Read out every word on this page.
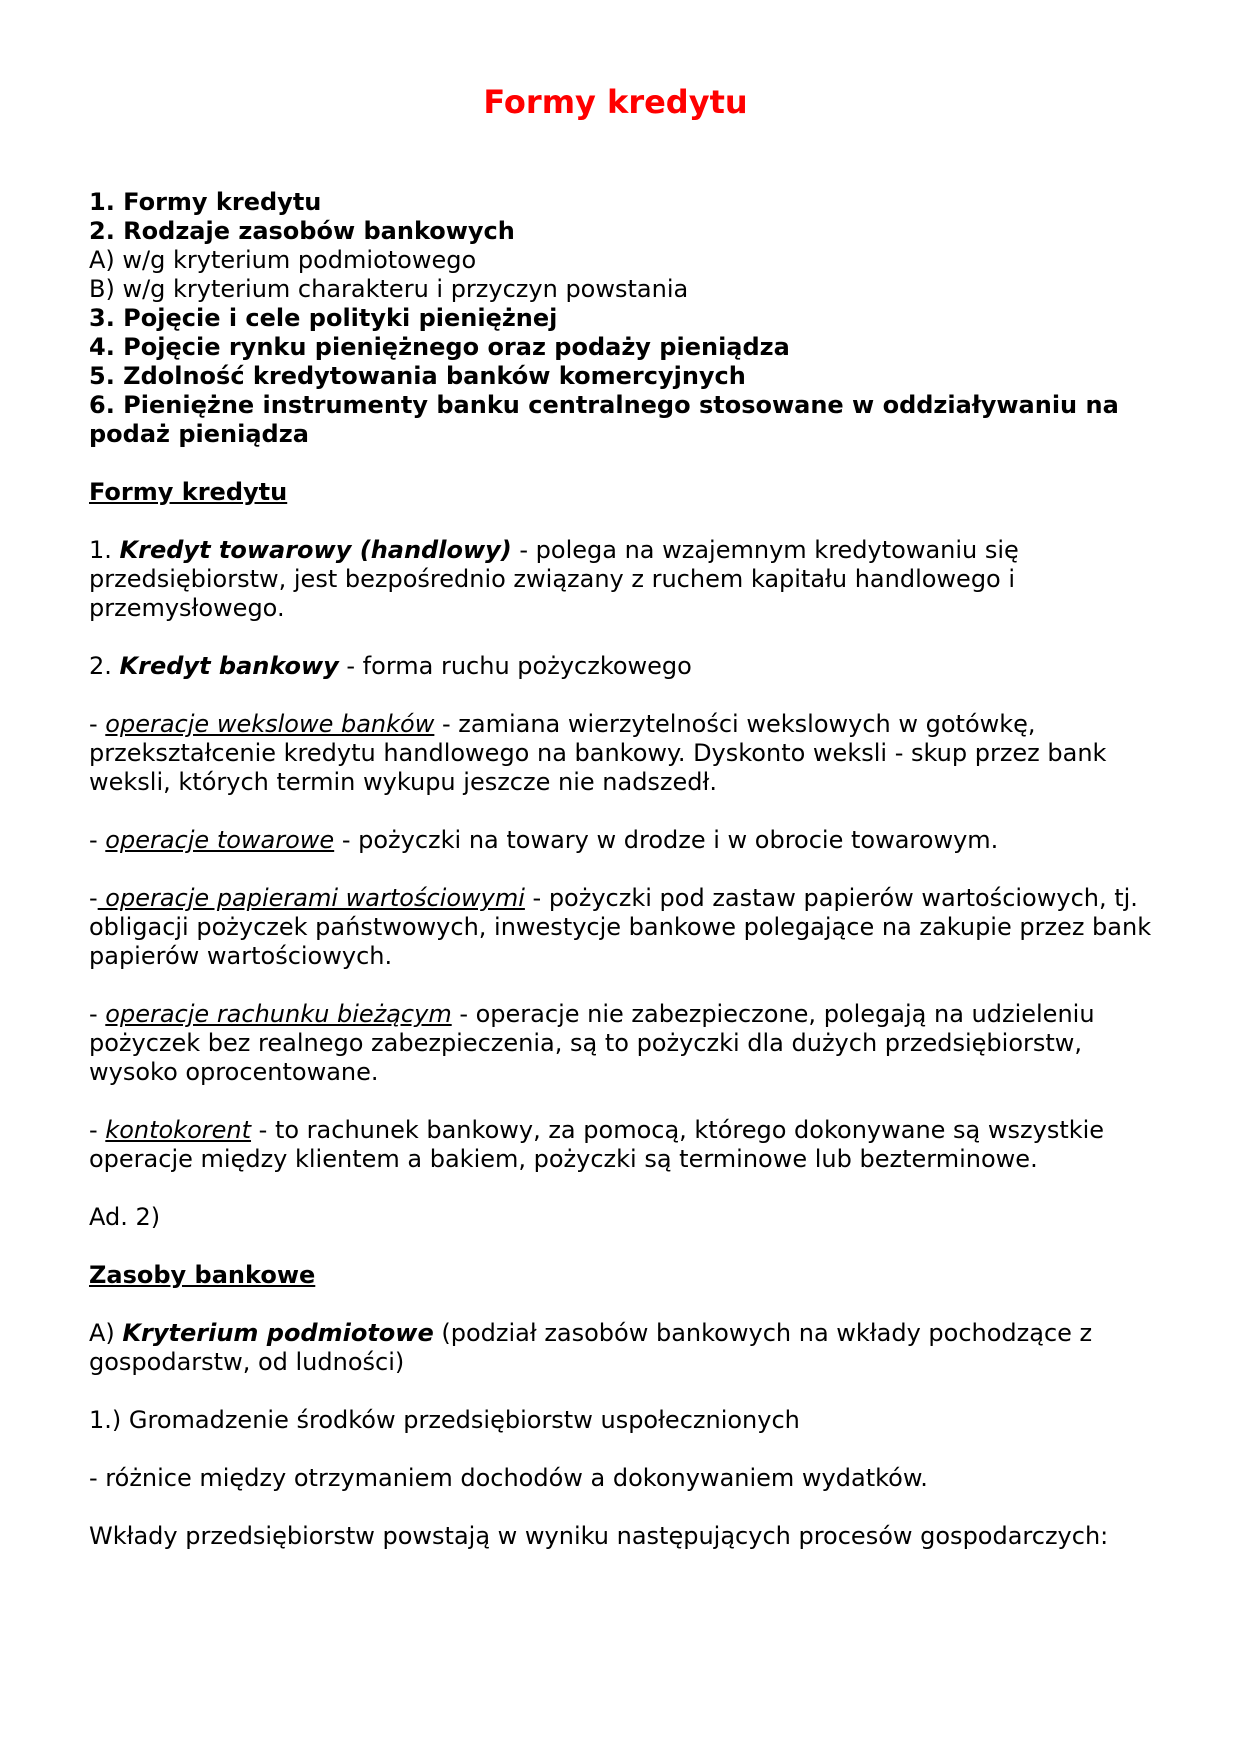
Formy kredytu
1. Formy kredytu
2. Rodzaje zasobów bankowych
A) w/g kryterium podmiotowego
B) w/g kryterium charakteru i przyczyn powstania
3. Pojęcie i cele polityki pieniężnej
4. Pojęcie rynku pieniężnego oraz podaży pieniądza
5. Zdolność kredytowania banków komercyjnych
6. Pieniężne instrumenty banku centralnego stosowane w oddziaływaniu na podaż pieniądza
Formy kredytu

1. Kredyt towarowy (handlowy) - polega na wzajemnym kredytowaniu się przedsiębiorstw, jest bezpośrednio związany z ruchem kapitału handlowego i przemysłowego.

2. Kredyt bankowy - forma ruchu pożyczkowego

- operacje wekslowe banków - zamiana wierzytelności wekslowych w gotówkę, przekształcenie kredytu handlowego na bankowy. Dyskonto weksli - skup przez bank weksli, których termin wykupu jeszcze nie nadszedł.

- operacje towarowe - pożyczki na towary w drodze i w obrocie towarowym.

- operacje papierami wartościowymi - pożyczki pod zastaw papierów wartościowych, tj. obligacji pożyczek państwowych, inwestycje bankowe polegające na zakupie przez bank papierów wartościowych.

- operacje rachunku bieżącym - operacje nie zabezpieczone, polegają na udzieleniu pożyczek bez realnego zabezpieczenia, są to pożyczki dla dużych przedsiębiorstw, wysoko oprocentowane.

- kontokorent - to rachunek bankowy, za pomocą, którego dokonywane są wszystkie operacje między klientem a bakiem, pożyczki są terminowe lub bezterminowe.

Ad. 2)

Zasoby bankowe

A) Kryterium podmiotowe (podział zasobów bankowych na wkłady pochodzące z gospodarstw, od ludności)

1.) Gromadzenie środków przedsiębiorstw uspołecznionych

- różnice między otrzymaniem dochodów a dokonywaniem wydatków.

Wkłady przedsiębiorstw powstają w wyniku następujących procesów gospodarczych:
